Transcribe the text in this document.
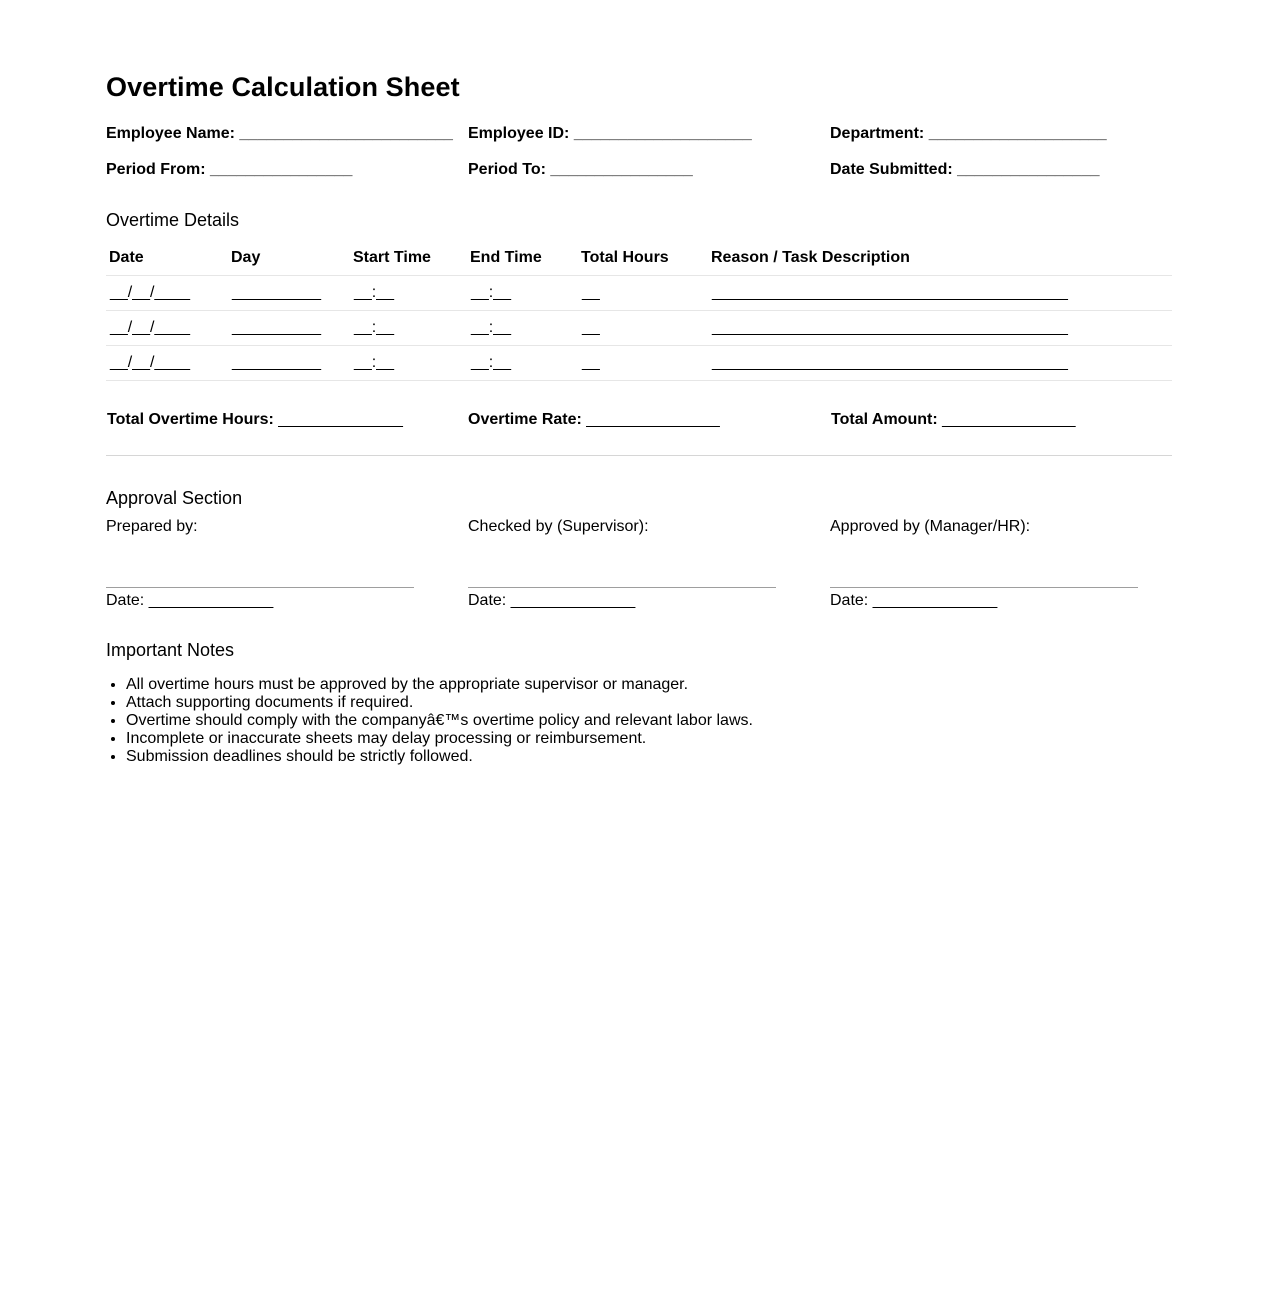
Overtime Calculation Sheet
Employee Name: ________________________ Employee ID: ____________________	Department: ____________________
Period From: ________________	Period To: ________________	Date Submitted: ________________
Overtime Details
Date	Day	Start Time	End Time	Total Hours	Reason / Task Description
__/__/____	__________	__:__	__:__	__	________________________________________
__/__/____	__________	__:__	__:__	__	________________________________________
__/__/____	__________	__:__	__:__	__	________________________________________
Total Overtime Hours: ______________	Overtime Rate: _______________	Total Amount: _______________
Approval Section
Prepared by:
Date: ______________
Checked by (Supervisor):
Date: ______________
Approved by (Manager/HR):
Date: ______________
Important Notes
• All overtime hours must be approved by the appropriate supervisor or manager.
• Attach supporting documents if required.
• Overtime should comply with the companyâ€™s overtime policy and relevant labor laws.
• Incomplete or inaccurate sheets may delay processing or reimbursement.
• Submission deadlines should be strictly followed.
